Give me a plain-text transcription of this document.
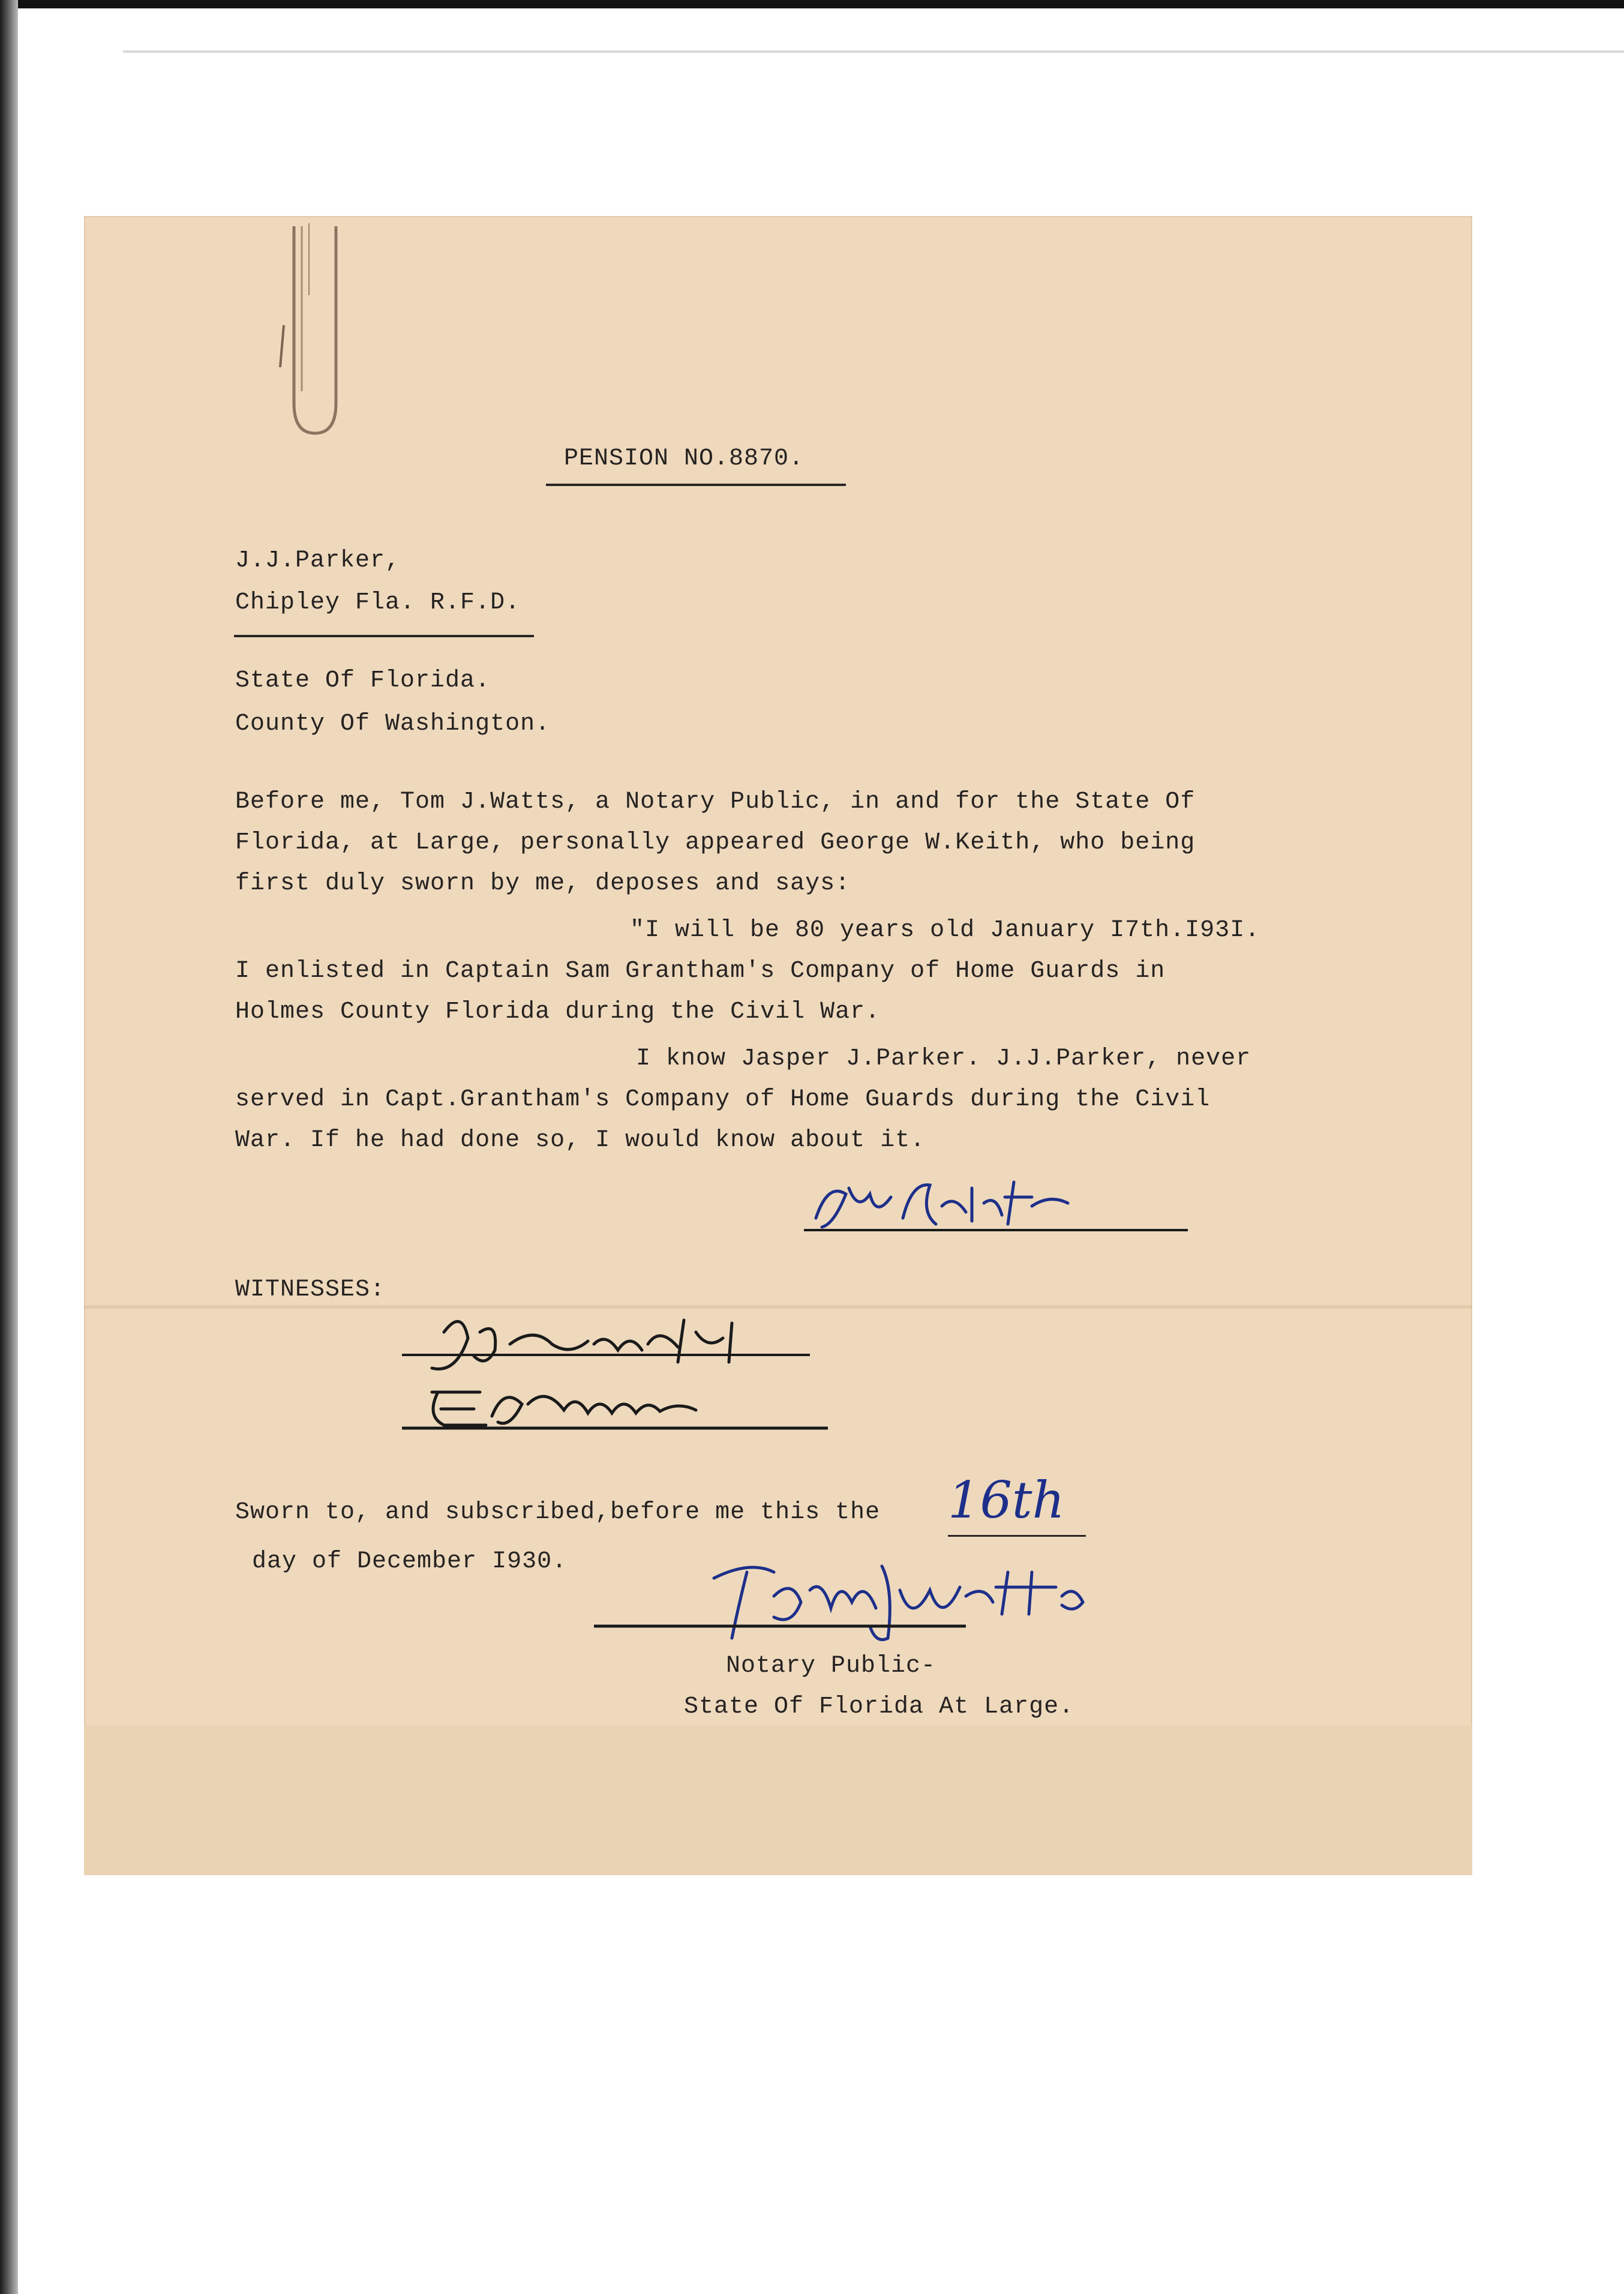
PENSION NO.8870.
J.J.Parker,
Chipley Fla. R.F.D.
State Of Florida.
County Of Washington.
Before me, Tom J.Watts, a Notary Public, in and for the State Of
Florida, at Large, personally appeared George W.Keith, who being
first duly sworn by me, deposes and says:
"I will be 80 years old January I7th.I93I.
I enlisted in Captain Sam Grantham's Company of Home Guards in
Holmes County Florida during the Civil War.
I know Jasper J.Parker. J.J.Parker, never
served in Capt.Grantham's Company of Home Guards during the Civil
War. If he had done so, I would know about it.
WITNESSES:
Sworn to, and subscribed,before me this the 16th
day of December I930.
Notary Public-
State Of Florida At Large.
